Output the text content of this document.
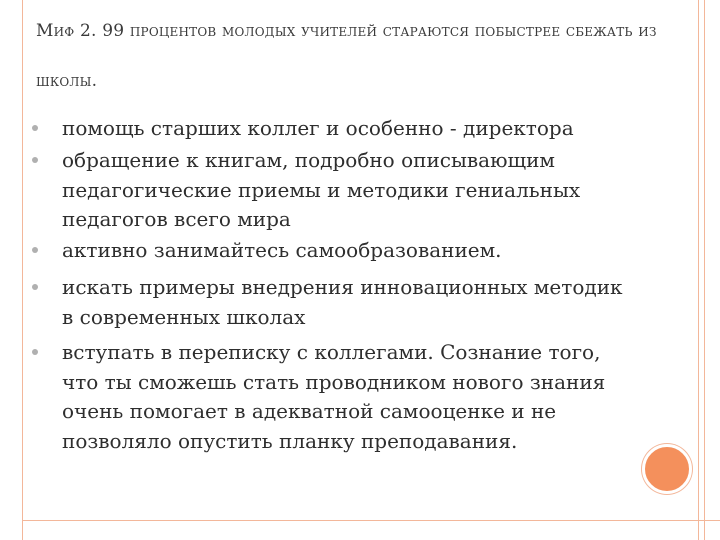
Миф 2. 99 процентов молодых учителей стараются побыстрее сбежать из школы.
помощь старших коллег и особенно - директора
обращение к книгам, подробно описывающим педагогические приемы и методики гениальных педагогов всего мира
активно занимайтесь самообразованием.
искать примеры внедрения инновационных методик в современных школах
вступать в переписку с коллегами. Сознание того, что ты сможешь стать проводником нового знания очень помогает в адекватной самооценке и не позволяло опустить планку преподавания.
